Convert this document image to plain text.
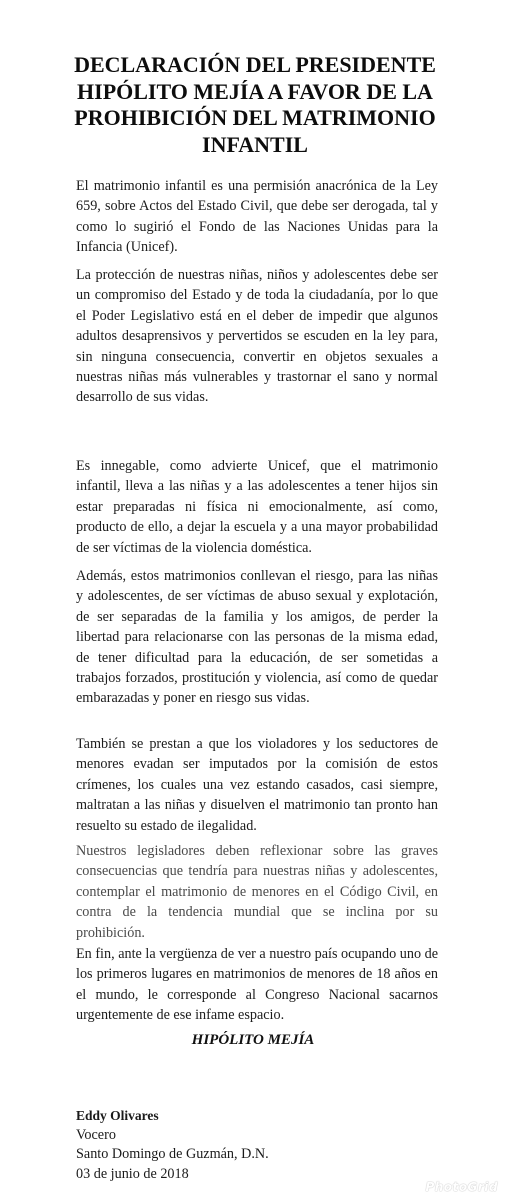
DECLARACIÓN DEL PRESIDENTE HIPÓLITO MEJÍA A FAVOR DE LA PROHIBICIÓN DEL MATRIMONIO INFANTIL

El matrimonio infantil es una permisión anacrónica de la Ley 659, sobre Actos del Estado Civil, que debe ser derogada, tal y como lo sugirió el Fondo de las Naciones Unidas para la Infancia (Unicef).

La protección de nuestras niñas, niños y adolescentes debe ser un compromiso del Estado y de toda la ciudadanía, por lo que el Poder Legislativo está en el deber de impedir que algunos adultos desaprensivos y pervertidos se escuden en la ley para, sin ninguna consecuencia, convertir en objetos sexuales a nuestras niñas más vulnerables y trastornar el sano y normal desarrollo de sus vidas.

Es innegable, como advierte Unicef, que el matrimonio infantil, lleva a las niñas y a las adolescentes a tener hijos sin estar preparadas ni física ni emocionalmente, así como, producto de ello, a dejar la escuela y a una mayor probabilidad de ser víctimas de la violencia doméstica.

Además, estos matrimonios conllevan el riesgo, para las niñas y adolescentes, de ser víctimas de abuso sexual y explotación, de ser separadas de la familia y los amigos, de perder la libertad para relacionarse con las personas de la misma edad, de tener dificultad para la educación, de ser sometidas a trabajos forzados, prostitución y violencia, así como de quedar embarazadas y poner en riesgo sus vidas.

También se prestan a que los violadores y los seductores de menores evadan ser imputados por la comisión de estos crímenes, los cuales una vez estando casados, casi siempre, maltratan a las niñas y disuelven el matrimonio tan pronto han resuelto su estado de ilegalidad.

Nuestros legisladores deben reflexionar sobre las graves consecuencias que tendría para nuestras niñas y adolescentes, contemplar el matrimonio de menores en el Código Civil, en contra de la tendencia mundial que se inclina por su prohibición.

En fin, ante la vergüenza de ver a nuestro país ocupando uno de los primeros lugares en matrimonios de menores de 18 años en el mundo, le corresponde al Congreso Nacional sacarnos urgentemente de ese infame espacio.

HIPÓLITO MEJÍA

Eddy Olivares
Vocero
Santo Domingo de Guzmán, D.N.
03 de junio de 2018
PhotoGrid
